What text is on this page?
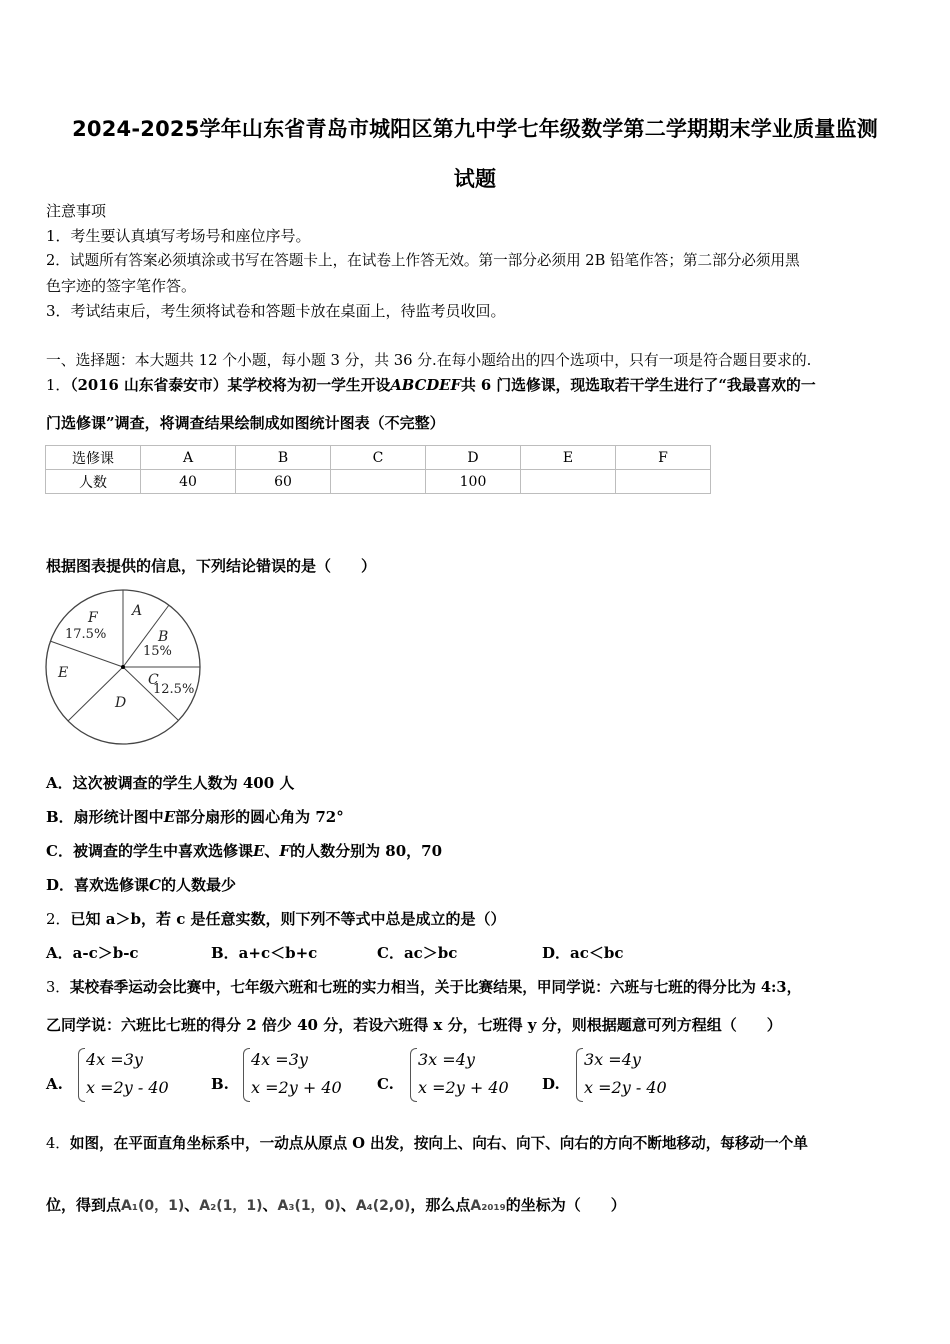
2024-2025学年山东省青岛市城阳区第九中学七年级数学第二学期期末学业质量监测
试题
注意事项
1．考生要认真填写考场号和座位序号。
2．试题所有答案必须填涂或书写在答题卡上，在试卷上作答无效。第一部分必须用 2B 铅笔作答；第二部分必须用黑
色字迹的签字笔作答。
3．考试结束后，考生须将试卷和答题卡放在桌面上，待监考员收回。
一、选择题：本大题共 12 个小题，每小题 3 分，共 36 分.在每小题给出的四个选项中，只有一项是符合题目要求的.
1．（2016 山东省泰安市）某学校将为初一学生开设ABCDEF共 6 门选修课，现选取若干学生进行了“我最喜欢的一
门选修课”调查，将调查结果绘制成如图统计图表（不完整）
选修课	A	B	C	D	E	F
人数	40	60		100		
根据图表提供的信息，下列结论错误的是（　　）
A
B
C
D
E
F
15%
12.5%
17.5%
A．这次被调查的学生人数为 400 人
B．扇形统计图中E部分扇形的圆心角为 72°
C．被调查的学生中喜欢选修课E、F的人数分别为 80，70
D．喜欢选修课C的人数最少
2．已知 a＞b，若 c 是任意实数，则下列不等式中总是成立的是（）
A．a-c＞b-c	B．a+c＜b+c	C．ac＞bc	D．ac＜bc
3．某校春季运动会比赛中，七年级六班和七班的实力相当，关于比赛结果，甲同学说：六班与七班的得分比为 4:3，
乙同学说：六班比七班的得分 2 倍少 40 分，若设六班得 x 分，七班得 y 分，则根据题意可列方程组（　　）
A.
4x =3y
x =2y - 40	B.
4x =3y
x =2y + 40 C.
3x =4y
x =2y + 40 D.
3x =4y
x =2y - 40
4．如图，在平面直角坐标系中，一动点从原点 O 出发，按向上、向右、向下、向右的方向不断地移动，每移动一个单
位，得到点A₁(0，1)、A₂(1，1)、A₃(1，0)、A₄(2,0)，那么点A₂₀₁₉的坐标为（　　）
